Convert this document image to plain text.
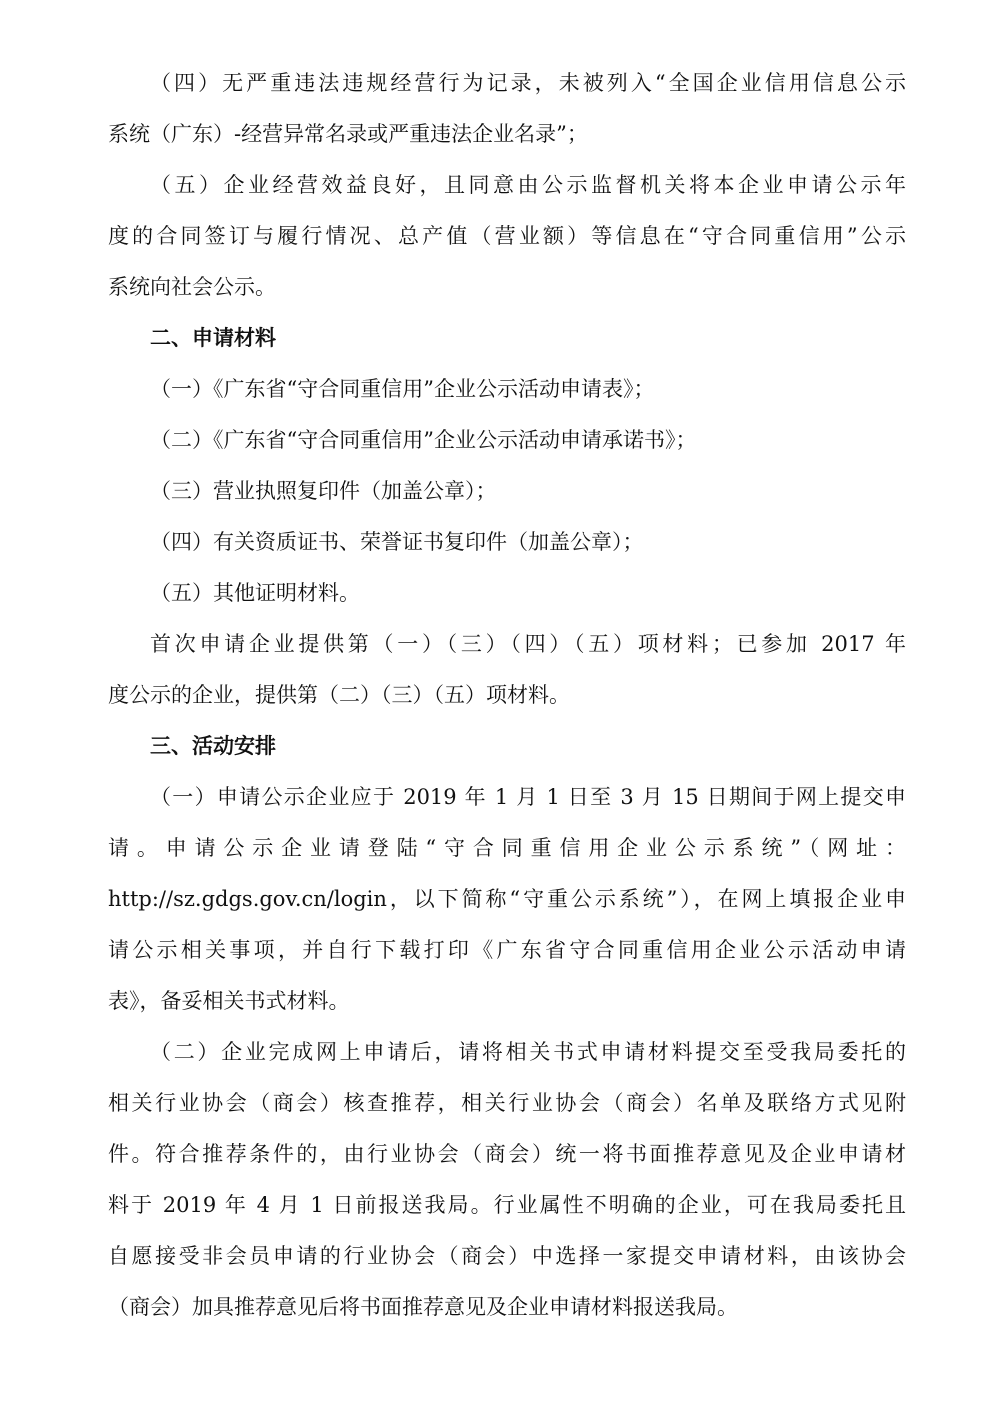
（四）无严重违法违规经营行为记录，未被列入“全国企业信用信息公示
系统（广东）-经营异常名录或严重违法企业名录”；
（五）企业经营效益良好，且同意由公示监督机关将本企业申请公示年
度的合同签订与履行情况、总产值（营业额）等信息在“守合同重信用”公示
系统向社会公示。
二、申请材料
（一）《广东省“守合同重信用”企业公示活动申请表》；
（二）《广东省“守合同重信用”企业公示活动申请承诺书》；
（三）营业执照复印件（加盖公章）；
（四）有关资质证书、荣誉证书复印件（加盖公章）；
（五）其他证明材料。
首次申请企业提供第（一）（三）（四）（五）项材料；已参加 2017 年
度公示的企业，提供第（二）（三）（五）项材料。
三、活动安排
（一）申请公示企业应于 2019 年 1 月 1 日至 3 月 15 日期间于网上提交申
请。申请公示企业请登陆“守合同重信用企业公示系统”（网址：
http://sz.gdgs.gov.cn/login，以下简称“守重公示系统”），在网上填报企业申
请公示相关事项，并自行下载打印《广东省守合同重信用企业公示活动申请
表》，备妥相关书式材料。
（二）企业完成网上申请后，请将相关书式申请材料提交至受我局委托的
相关行业协会（商会）核查推荐，相关行业协会（商会）名单及联络方式见附
件。符合推荐条件的，由行业协会（商会）统一将书面推荐意见及企业申请材
料于 2019 年 4 月 1 日前报送我局。行业属性不明确的企业，可在我局委托且
自愿接受非会员申请的行业协会（商会）中选择一家提交申请材料，由该协会
（商会）加具推荐意见后将书面推荐意见及企业申请材料报送我局。
